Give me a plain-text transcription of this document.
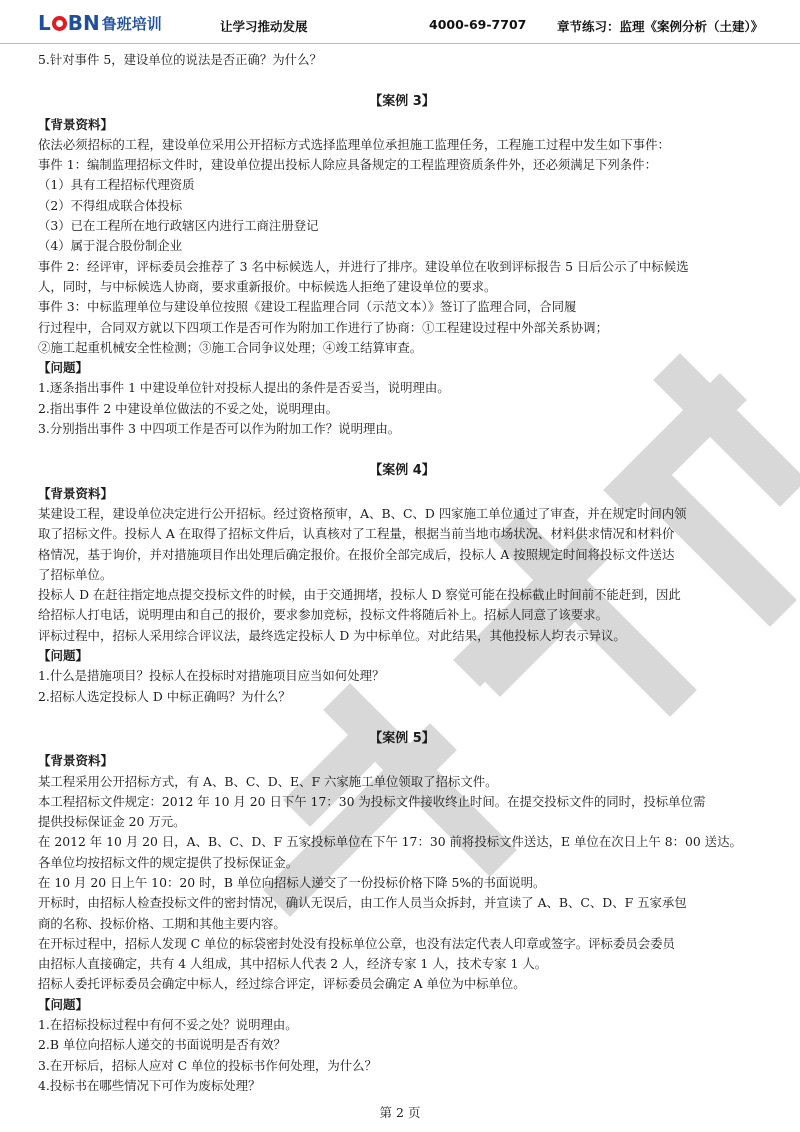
L BN 鲁班培训	让学习推动发展	4000-69-7707 章节练习：监理《案例分析（土建）》
5.针对事件 5，建设单位的说法是否正确？为什么？
【案例 3】
【背景资料】
依法必须招标的工程，建设单位采用公开招标方式选择监理单位承担施工监理任务，工程施工过程中发生如下事件：
事件 1：编制监理招标文件时，建设单位提出投标人除应具备规定的工程监理资质条件外，还必须满足下列条件：
（1）具有工程招标代理资质
（2）不得组成联合体投标
（3）已在工程所在地行政辖区内进行工商注册登记
（4）属于混合股份制企业
事件 2：经评审，评标委员会推荐了 3 名中标候选人，并进行了排序。建设单位在收到评标报告 5 日后公示了中标候选
人，同时，与中标候选人协商，要求重新报价。中标候选人拒绝了建设单位的要求。
事件 3：中标监理单位与建设单位按照《建设工程监理合同（示范文本）》签订了监理合同，合同履
行过程中，合同双方就以下四项工作是否可作为附加工作进行了协商：①工程建设过程中外部关系协调；
②施工起重机械安全性检测；③施工合同争议处理；④竣工结算审查。
【问题】
1.逐条指出事件 1 中建设单位针对投标人提出的条件是否妥当，说明理由。
2.指出事件 2 中建设单位做法的不妥之处，说明理由。
3.分别指出事件 3 中四项工作是否可以作为附加工作？说明理由。
【案例 4】
【背景资料】
某建设工程，建设单位决定进行公开招标。经过资格预审，A、B、C、D 四家施工单位通过了审查，并在规定时间内领
取了招标文件。投标人 A 在取得了招标文件后，认真核对了工程量，根据当前当地市场状况、材料供求情况和材料价
格情况，基于询价，并对措施项目作出处理后确定报价。在报价全部完成后，投标人 A 按照规定时间将投标文件送达
了招标单位。
投标人 D 在赶往指定地点提交投标文件的时候，由于交通拥堵，投标人 D 察觉可能在投标截止时间前不能赶到，因此
给招标人打电话，说明理由和自己的报价，要求参加竞标，投标文件将随后补上。招标人同意了该要求。
评标过程中，招标人采用综合评议法，最终选定投标人 D 为中标单位。对此结果，其他投标人均表示异议。
【问题】
1.什么是措施项目？投标人在投标时对措施项目应当如何处理？
2.招标人选定投标人 D 中标正确吗？为什么？
【案例 5】
【背景资料】
某工程采用公开招标方式，有 A、B、C、D、E、F 六家施工单位领取了招标文件。
本工程招标文件规定：2012 年 10 月 20 日下午 17：30 为投标文件接收终止时间。在提交投标文件的同时，投标单位需
提供投标保证金 20 万元。
在 2012 年 10 月 20 日，A、B、C、D、F 五家投标单位在下午 17：30 前将投标文件送达，E 单位在次日上午 8：00 送达。
各单位均按招标文件的规定提供了投标保证金。
在 10 月 20 日上午 10：20 时，B 单位向招标人递交了一份投标价格下降 5%的书面说明。
开标时，由招标人检查投标文件的密封情况，确认无误后，由工作人员当众拆封，并宣读了 A、B、C、D、F 五家承包
商的名称、投标价格、工期和其他主要内容。
在开标过程中，招标人发现 C 单位的标袋密封处没有投标单位公章，也没有法定代表人印章或签字。评标委员会委员
由招标人直接确定，共有 4 人组成，其中招标人代表 2 人，经济专家 1 人，技术专家 1 人。
招标人委托评标委员会确定中标人，经过综合评定，评标委员会确定 A 单位为中标单位。
【问题】
1.在招标投标过程中有何不妥之处？说明理由。
2.B 单位向招标人递交的书面说明是否有效？
3.在开标后，招标人应对 C 单位的投标书作何处理，为什么？
4.投标书在哪些情况下可作为废标处理？
第 2 页
